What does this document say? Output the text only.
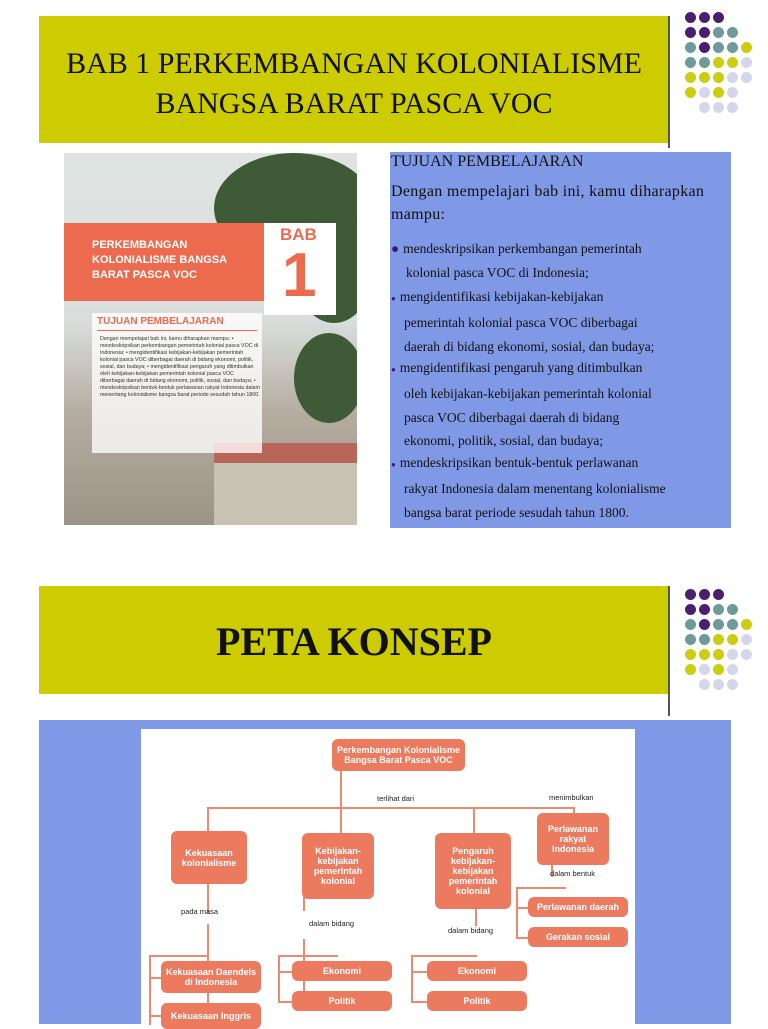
BAB 1 PERKEMBANGAN KOLONIALISME
BANGSA BARAT PASCA VOC
PERKEMBANGAN KOLONIALISME BANGSA BARAT PASCA VOC
BAB
1
TUJUAN PEMBELAJARAN
Dengan mempelajari bab ini, kamu diharapkan mampu: • mendeskripsikan perkembangan pemerintah kolonial pasca VOC di Indonesia; • mengidentifikasi kebijakan-kebijakan pemerintah kolonial pasca VOC diberbagai daerah di bidang ekonomi, politik, sosial, dan budaya; • mengidentifikasi pengaruh yang ditimbulkan oleh kebijakan-kebijakan pemerintah kolonial pasca VOC diberbagai daerah di bidang ekonomi, politik, sosial, dan budaya; • mendeskripsikan bentuk-bentuk perlawanan rakyat Indonesia dalam menentang kolonialisme bangsa barat periode sesudah tahun 1800.
TUJUAN PEMBELAJARAN
Dengan mempelajari bab ini, kamu diharapkan mampu:
● mendeskripsikan perkembangan pemerintah
kolonial pasca VOC di Indonesia;
● mengidentifikasi kebijakan-kebijakan
pemerintah kolonial pasca VOC diberbagai
daerah di bidang ekonomi, sosial, dan budaya;
● mengidentifikasi pengaruh yang ditimbulkan
oleh kebijakan-kebijakan pemerintah kolonial
pasca VOC diberbagai daerah di bidang
ekonomi, politik, sosial, dan budaya;
● mendeskripsikan bentuk-bentuk perlawanan
rakyat Indonesia dalam menentang kolonialisme
bangsa barat periode sesudah tahun 1800.
PETA KONSEP
Perkembangan Kolonialisme Bangsa Barat Pasca VOC
terlihat dari	menimbulkan
Kekuasaan kolonialisme
Kebijakan-kebijakan pemerintah kolonial
Pengaruh kebijakan-kebijakan pemerintah kolonial
Perlawanan rakyat Indonesia
pada masa
dalam bidang
dalam bidang
dalam bentuk
Kekuasaan Daendels di Indonesia
Kekuasaan Inggris
Ekonomi
Politik
Ekonomi
Politik
Perlawanan daerah
Gerakan sosial
